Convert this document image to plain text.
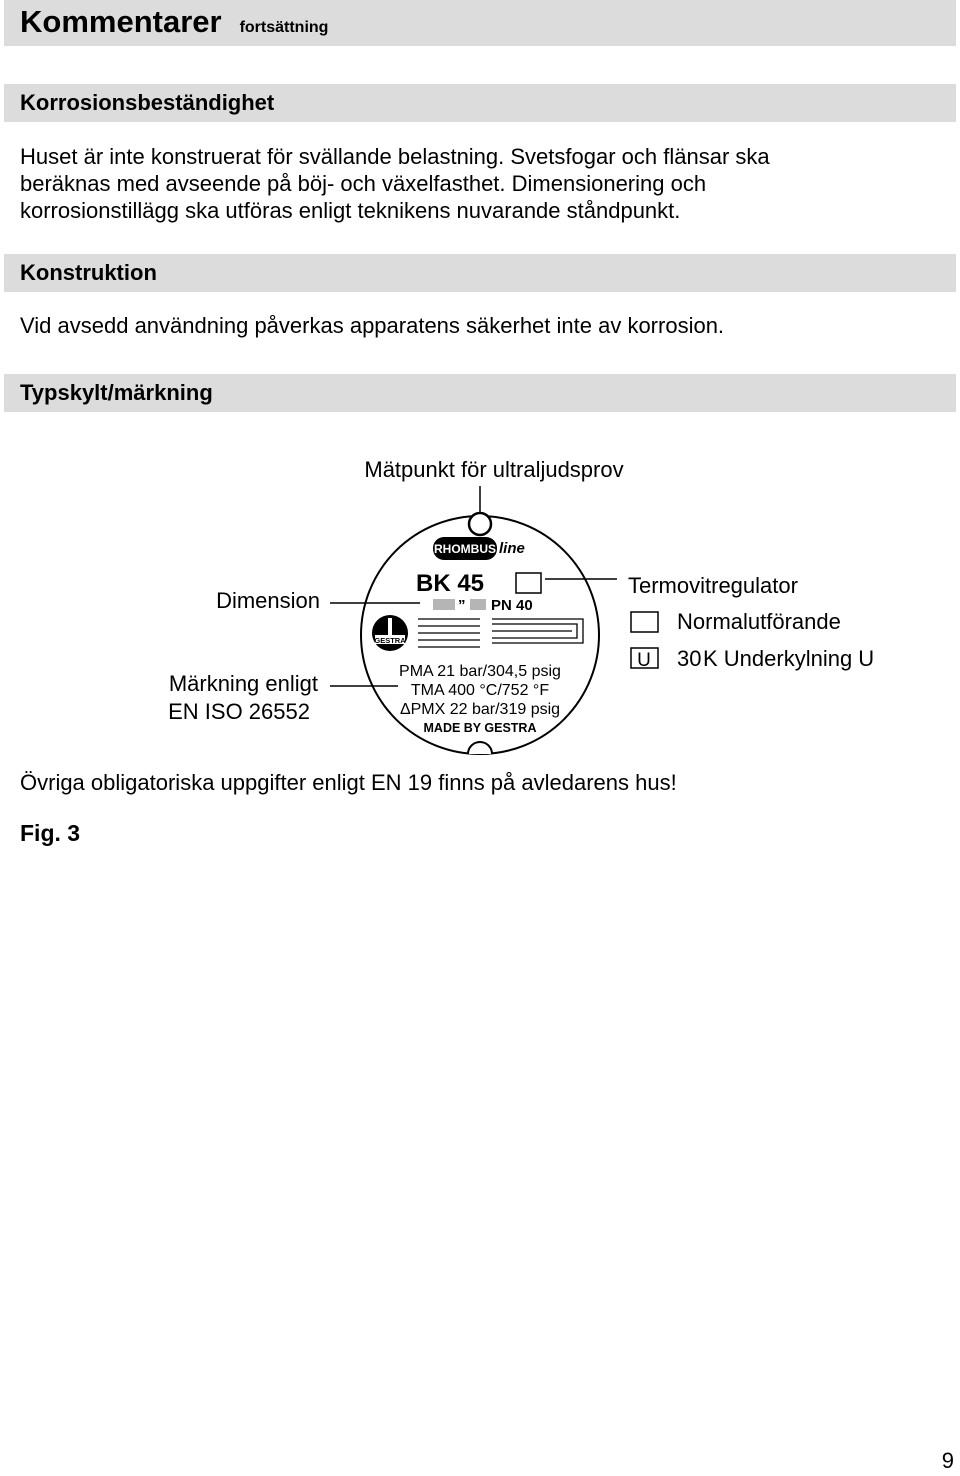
Kommentarer fortsättning
Korrosionsbeständighet
Huset är inte konstruerat för svällande belastning. Svetsfogar och flänsar ska
beräknas med avseende på böj- och växelfasthet. Dimensionering och
korrosionstillägg ska utföras enligt teknikens nuvarande ståndpunkt.
Konstruktion
Vid avsedd användning påverkas apparatens säkerhet inte av korrosion.
Typskylt/märkning
Mätpunkt för ultraljudsprov
RHOMBUS line
BK 45
” PN 40
GESTRA
PMA 21 bar/304,5 psig
TMA 400 °C/752 °F
ΔPMX 22 bar/319 psig
MADE BY GESTRA
Dimension
Märkning enligt
EN ISO 26552
Termovitregulator
Normalutförande
U 30 K Underkylning U
Övriga obligatoriska uppgifter enligt EN 19 finns på avledarens hus!
Fig. 3
9
